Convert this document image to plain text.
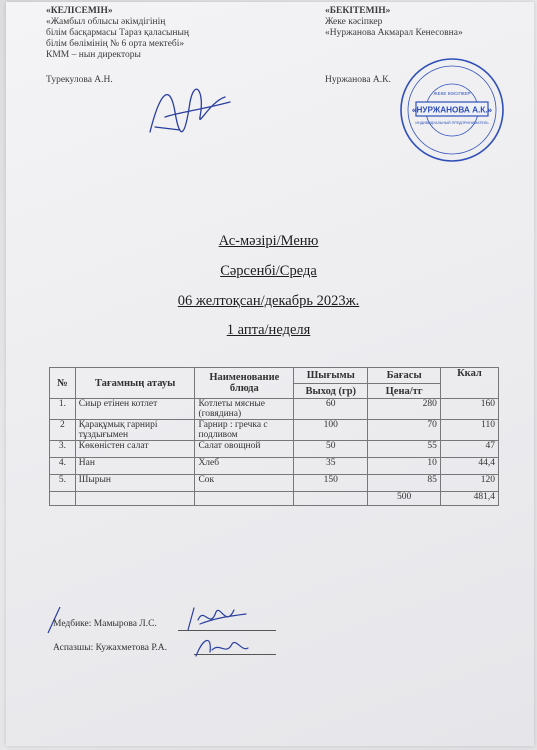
«КЕЛІСЕМІН»
«Жамбыл облысы әкімдігінің
білім басқармасы Тараз қаласының
білім бөлімінің № 6 орта мектебі»
КММ – нын директоры
Турекулова А.Н.
«БЕКІТЕМІН»
Жеке кәсіпкер
«Нуржанова Акмарал Кенесовна»
Нуржанова А.К.
«НУРЖАНОВА А.К.»
ЖЕКЕ КӘСІПКЕР
ИНДИВИДУАЛЬНЫЙ ПРЕДПРИНИМАТЕЛЬ
Ас-мәзірі/Меню
Сәрсенбі/Среда
06 желтоқсан/декабрь 2023ж.
1 апта/неделя
№	Тағамның атауы	Наименование блюда	Шығымы	Бағасы	Ккал
			Выход (гр)	Цена/тг	
1.	Сиыр етінен котлет	Котлеты мясные (говядина)	60	280	160
2	Қарақұмық гарнирі тұздығымен	Гарнир : гречка с подливом	100	70	110
3.	Көкөністен салат	Салат овощной	50	55	47
4.	Нан	Хлеб	35	10	44,4
5.	Шырын	Сок	150	85	120
				500	481,4
Медбике: Мамырова Л.С.
Аспазшы: Кужахметова Р.А.
